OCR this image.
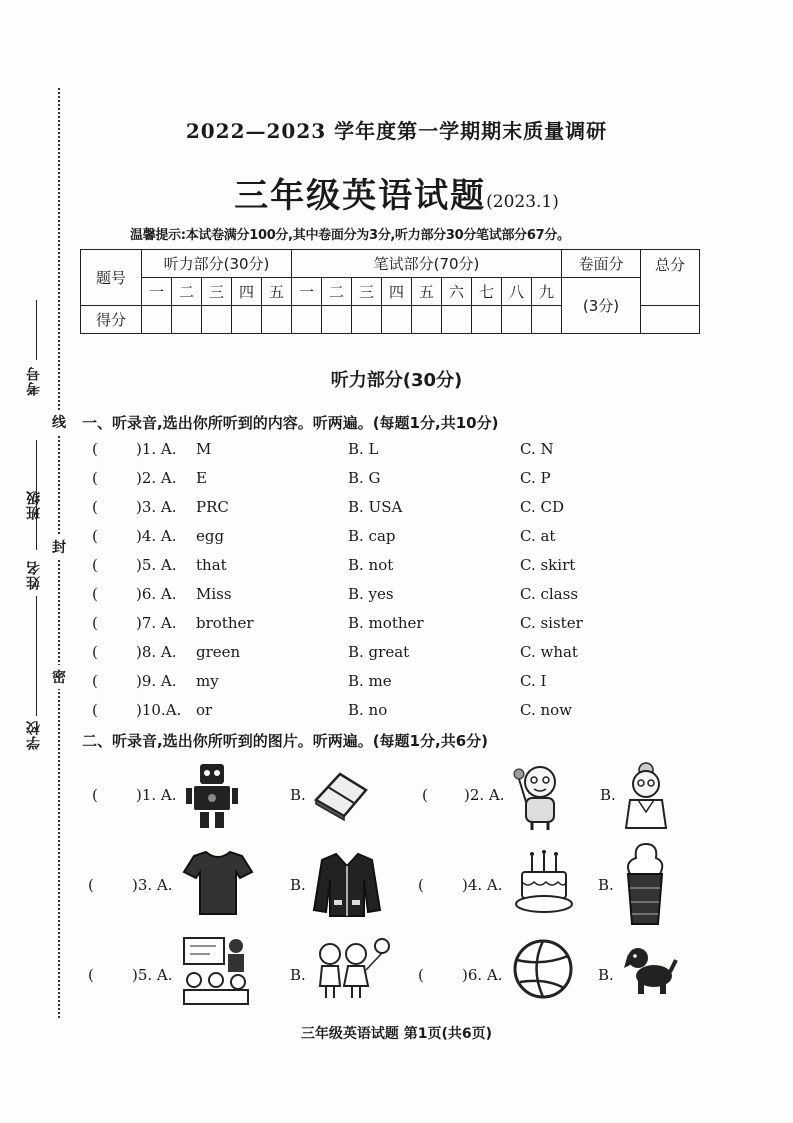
学校
姓名
班级
考号
密
封
线
2022—2023 学年度第一学期期末质量调研
三年级英语试题(2023.1)
温馨提示:本试卷满分100分,其中卷面分为3分,听力部分30分笔试部分67分。
题号	听力部分(30分)					笔试部分(70分)									卷面分	总分
	一	二	三	四	五	一	二	三	四	五	六	七	八	九	(3分)	
得分																
听力部分(30分)
一、听录音,选出你所听到的内容。听两遍。(每题1分,共10分)
(	)1. A. M	B. L	C. N
(	)2. A. E	B. G	C. P
(	)3. A. PRC	B. USA	C. CD
(	)4. A. egg	B. cap	C. at
(	)5. A. that	B. not	C. skirt
(	)6. A. Miss	B. yes	C. class
(	)7. A. brother	B. mother	C. sister
(	)8. A. green	B. great	C. what
(	)9. A. my	B. me	C. I
(	)10.A. or	B. no	C. now
二、听录音,选出你所听到的图片。听两遍。(每题1分,共6分)
(	)1. A.	B.	( )2. A.	B.
(	)3. A.	B.	(	)4. A.	B.
(	)5. A.	B.	(	)6. A.	B.
三年级英语试题 第1页(共6页)
